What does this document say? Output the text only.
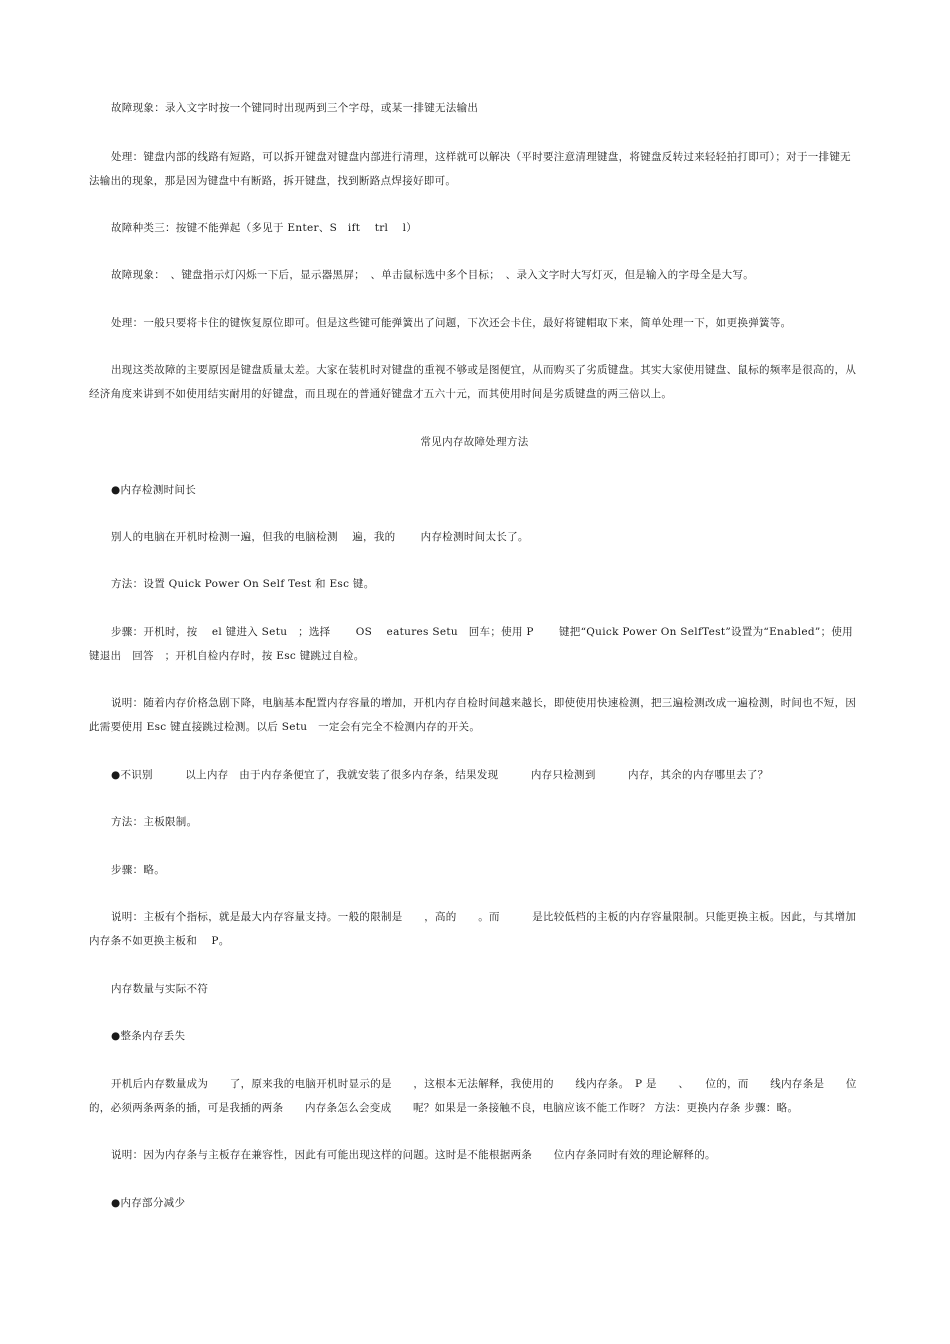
故障现象：录入文字时按一个键同时出现两到三个字母，或某一排键无法输出

处理：键盘内部的线路有短路，可以拆开键盘对键盘内部进行清理，这样就可以解决（平时要注意清理键盘，将键盘反转过来轻轻拍打即可）；对于一排键无法输出的现象，那是因为键盘中有断路，拆开键盘，找到断路点焊接好即可。

故障种类三：按键不能弹起（多见于 Enter、S　ift　 trl　 l）

故障现象：　、键盘指示灯闪烁一下后，显示器黑屏；　、单击鼠标选中多个目标；　、录入文字时大写灯灭，但是输入的字母全是大写。

处理：一般只要将卡住的键恢复原位即可。但是这些键可能弹簧出了问题，下次还会卡住，最好将键帽取下来，简单处理一下，如更换弹簧等。

出现这类故障的主要原因是键盘质量太差。大家在装机时对键盘的重视不够或是图便宜，从而购买了劣质键盘。其实大家使用键盘、鼠标的频率是很高的，从经济角度来讲到不如使用结实耐用的好键盘，而且现在的普通好键盘才五六十元，而其使用时间是劣质键盘的两三倍以上。

常见内存故障处理方法

●内存检测时间长

别人的电脑在开机时检测一遍，但我的电脑检测　 遍，我的　　 内存检测时间太长了。

方法：设置 Quick Power On Self Test 和 Esc 键。

步骤：开机时，按　 el 键进入 Setu　；选择　　 OS　 eatures Setu　回车；使用 P　　 键把“Quick Power On SelfTest”设置为“Enabled”；使用　　键退出　回答　；开机自检内存时，按 Esc 键跳过自检。

说明：随着内存价格急剧下降，电脑基本配置内存容量的增加，开机内存自检时间越来越长，即使使用快速检测，把三遍检测改成一遍检测，时间也不短，因此需要使用 Esc 键直接跳过检测。以后 Setu　一定会有完全不检测内存的开关。

●不识别　　　以上内存　由于内存条便宜了，我就安装了很多内存条，结果发现　　　内存只检测到　　　内存，其余的内存哪里去了？

方法：主板限制。

步骤：略。

说明：主板有个指标，就是最大内存容量支持。一般的限制是　　，高的　　。而　　　是比较低档的主板的内存容量限制。只能更换主板。因此，与其增加内存条不如更换主板和　 P。

内存数量与实际不符

●整条内存丢失

开机后内存数量成为　　了，原来我的电脑开机时显示的是　　，这根本无法解释，我使用的　　线内存条。　P 是　　、　　位的，而　　线内存条是　　位的，必须两条两条的插，可是我插的两条　　内存条怎么会变成　　呢？如果是一条接触不良，电脑应该不能工作呀？ 方法：更换内存条 步骤：略。

说明：因为内存条与主板存在兼容性，因此有可能出现这样的问题。这时是不能根据两条　　位内存条同时有效的理论解释的。

●内存部分减少
